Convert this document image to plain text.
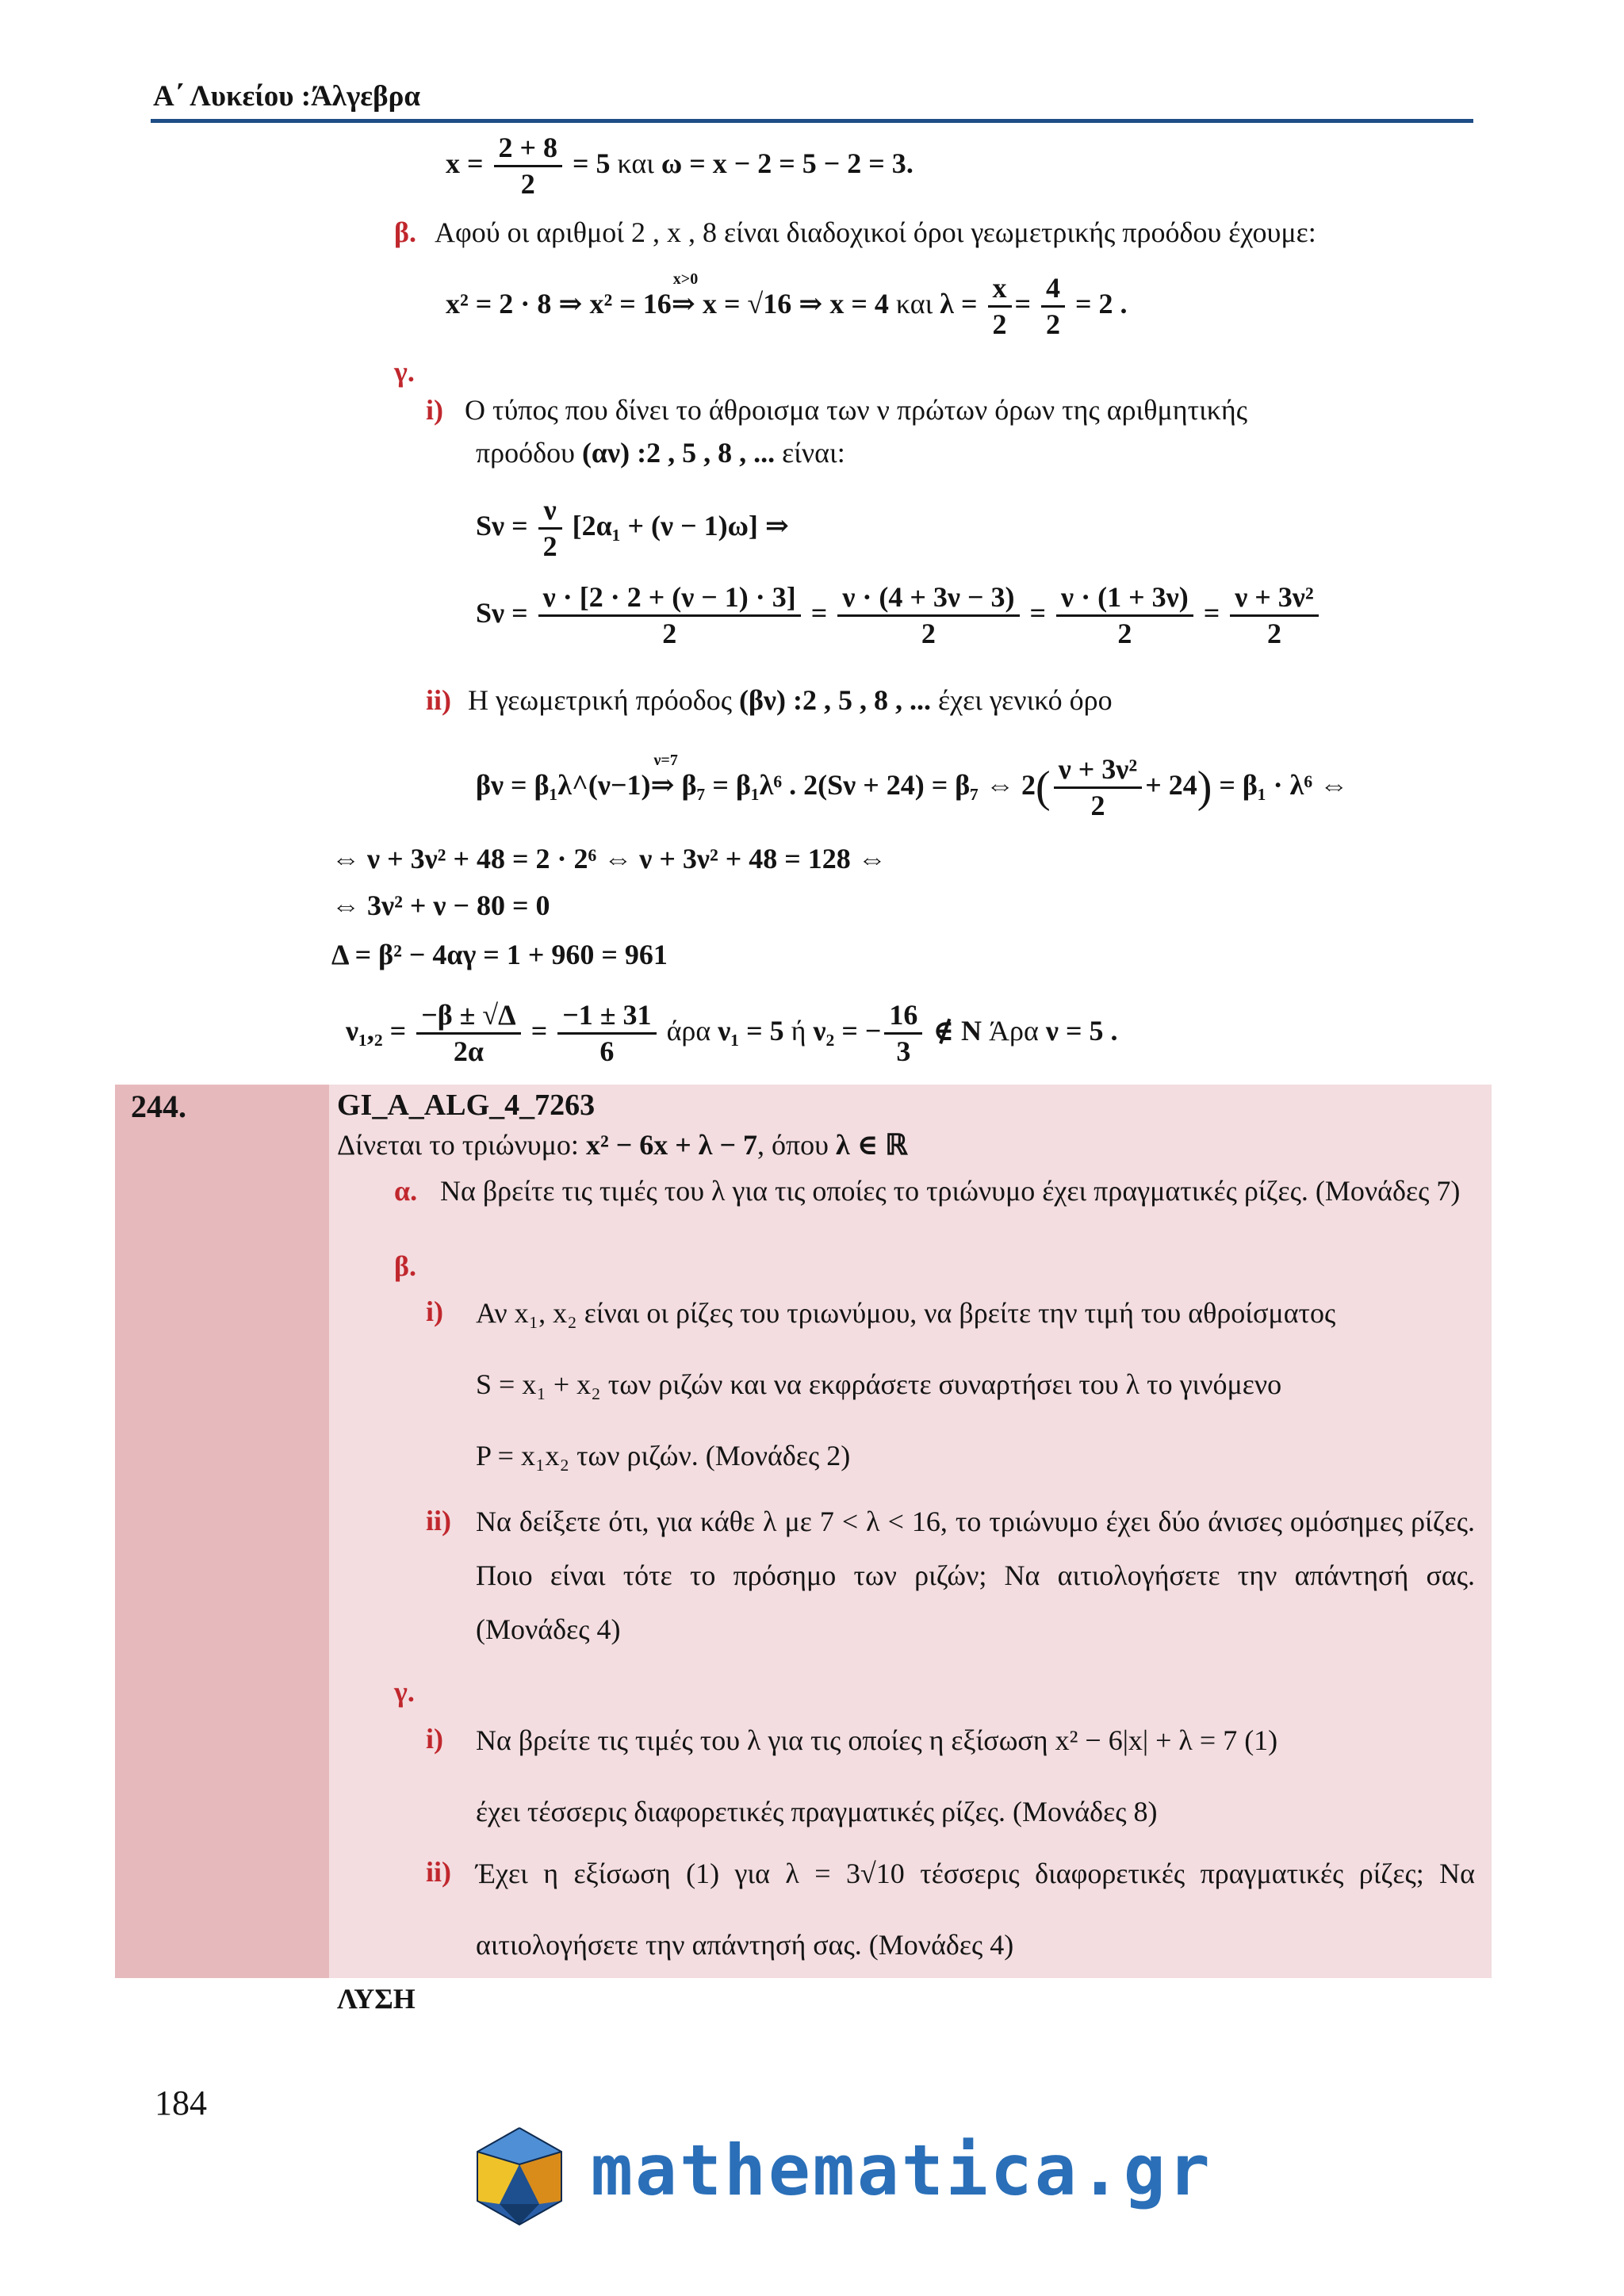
Α΄ Λυκείου :Άλγεβρα
$x = \frac{2 + 8}{2} = 5$ και ω = x − 2 = 5 − 2 = 3.
β. Αφού οι αριθμοί 2 , x , 8 είναι διαδοχικοί όροι γεωμετρικής προόδου έχουμε:
x² = 2 · 8 ⇒ x² = 16
x>0
⇒ x = √16 ⇒ x = 4 και $\lambda = \frac{x}{2} = \frac{4}{2} = 2$ .
γ.
i) Ο τύπος που δίνει το άθροισμα των ν πρώτων όρων της αριθμητικής
προόδου (αν) :2 , 5 , 8 , ... είναι:
$S\nu = \frac{\nu}{2} [2\alpha_1 + (\nu - 1)\omega]$ ⇒
$S\nu = \frac{\nu \cdot [2 \cdot 2 + (\nu - 1) \cdot 3]}{2} = \frac{\nu \cdot (4 + 3\nu - 3)}{2} = \frac{\nu \cdot (1 + 3\nu)}{2} = \frac{\text{ν + 3ν²}}{2}$
ii) Η γεωμετρική πρόοδος (βν) :2 , 5 , 8 , ... έχει γενικό όρο
βν = β₁λ^(ν−1)
ν=7
⇒ β₇ = β₁λ⁶ . 2(Sν + 24) = β₇ ⇔ $2( \frac{\text{ν + 3ν²}}{2} + 24) = \beta_1 \cdot \lambda^6$ ⇔
⇔ ν + 3ν² + 48 = 2 · 2⁶ ⇔ ν + 3ν² + 48 = 128 ⇔
⇔ 3ν² + ν − 80 = 0
Δ = β² − 4αγ = 1 + 960 = 961
$\nu_1,_2 = \frac{-\beta \pm √\Delta}{2\alpha} = \frac{-1 \pm 31}{6}$ άρα ν₁ = 5 ή ν₂ = − $\frac{16}{3}$ ∉ N Άρα ν = 5 .
244.	GI_A_ALG_4_7263
Δίνεται το τριώνυμο: x² − 6x + λ − 7, όπου λ ∈ ℝ
α. Να βρείτε τις τιμές του λ για τις οποίες το τριώνυμο έχει πραγματικές ρίζες. (Μονάδες 7)
β.
i) Αν x₁, x₂ είναι οι ρίζες του τριωνύμου, να βρείτε την τιμή του αθροίσματος
S = x₁ + x₂ των ριζών και να εκφράσετε συναρτήσει του λ το γινόμενο
P = x₁x₂ των ριζών. (Μονάδες 2)
ii) Να δείξετε ότι, για κάθε λ με 7 < λ < 16, το τριώνυμο έχει δύο άνισες ομόσημες ρίζες. Ποιο είναι τότε το πρόσημο των ριζών; Να αιτιολογήσετε την απάντησή σας. (Μονάδες 4)
γ.
i) Να βρείτε τις τιμές του λ για τις οποίες η εξίσωση x² − 6|x| + λ = 7 (1)
έχει τέσσερις διαφορετικές πραγματικές ρίζες. (Μονάδες 8)
ii) Έχει η εξίσωση (1) για λ = 3√10 τέσσερις διαφορετικές πραγματικές ρίζες; Να αιτιολογήσετε την απάντησή σας. (Μονάδες 4)
ΛΥΣΗ
184
mathematica.gr
